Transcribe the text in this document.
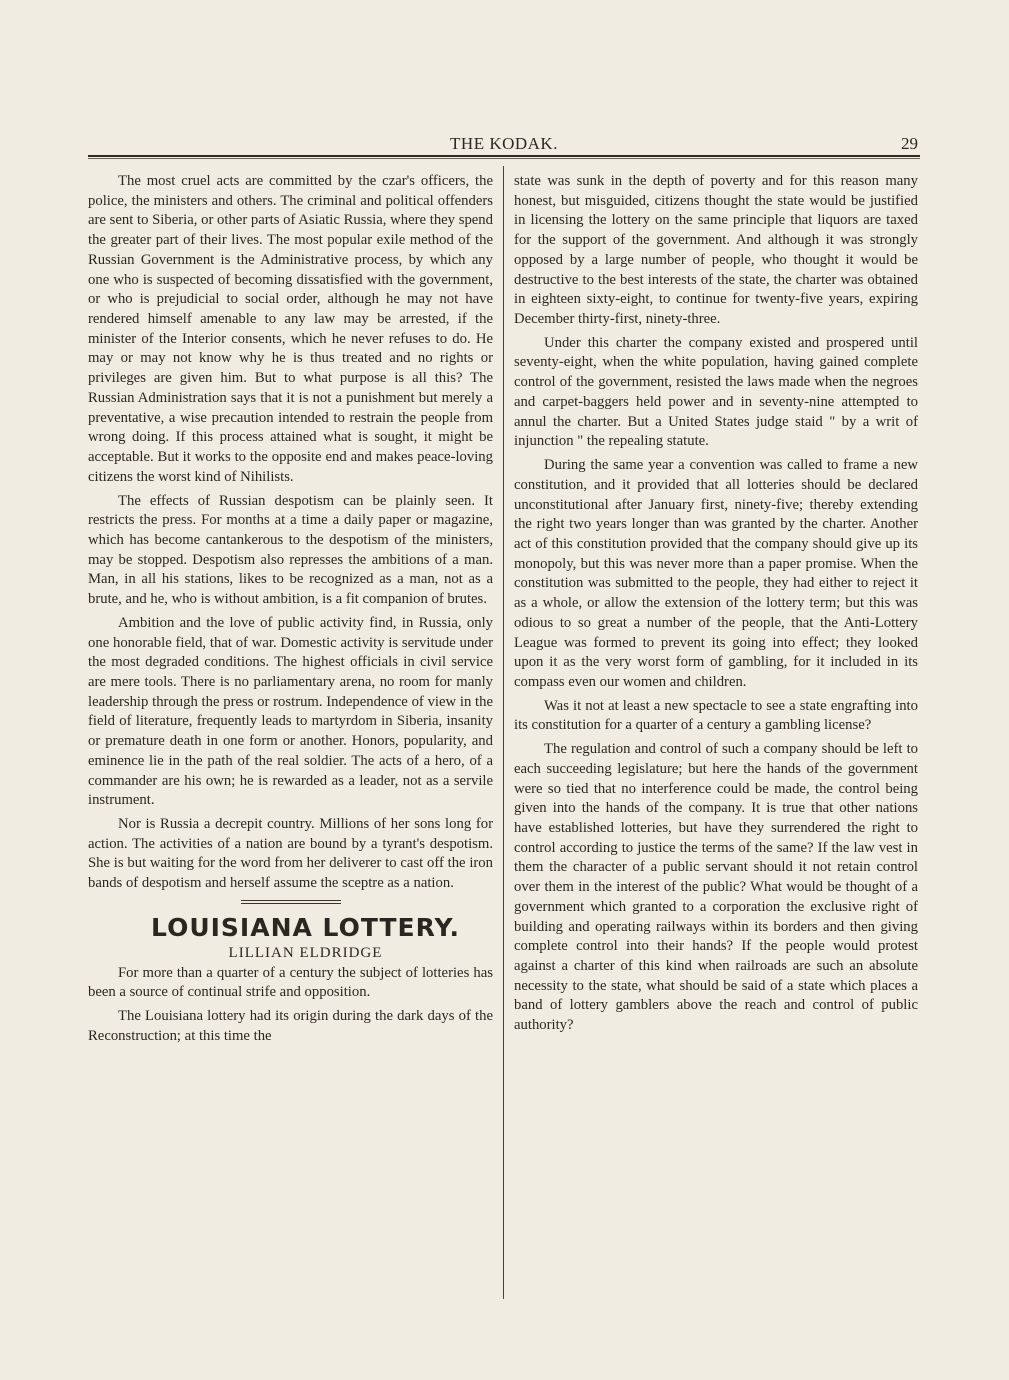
THE KODAK.	29

The most cruel acts are committed by the czar's officers, the police, the ministers and others. The criminal and political offenders are sent to Siberia, or other parts of Asiatic Russia, where they spend the greater part of their lives. The most popular exile method of the Russian Government is the Administrative process, by which any one who is suspected of becoming dissatisfied with the government, or who is prejudicial to social order, although he may not have rendered himself amenable to any law may be arrested, if the minister of the Interior consents, which he never refuses to do. He may or may not know why he is thus treated and no rights or privileges are given him. But to what purpose is all this? The Russian Administration says that it is not a punishment but merely a preventative, a wise precaution intended to restrain the people from wrong doing. If this process attained what is sought, it might be acceptable. But it works to the opposite end and makes peace-loving citizens the worst kind of Nihilists.

The effects of Russian despotism can be plainly seen. It restricts the press. For months at a time a daily paper or magazine, which has become cantankerous to the despotism of the ministers, may be stopped. Despotism also represses the ambitions of a man. Man, in all his stations, likes to be recognized as a man, not as a brute, and he, who is without ambition, is a fit companion of brutes.

Ambition and the love of public activity find, in Russia, only one honorable field, that of war. Domestic activity is servitude under the most degraded conditions. The highest officials in civil service are mere tools. There is no parliamentary arena, no room for manly leadership through the press or rostrum. Independence of view in the field of literature, frequently leads to martyrdom in Siberia, insanity or premature death in one form or another. Honors, popularity, and eminence lie in the path of the real soldier. The acts of a hero, of a commander are his own; he is rewarded as a leader, not as a servile instrument.

Nor is Russia a decrepit country. Millions of her sons long for action. The activities of a nation are bound by a tyrant's despotism. She is but waiting for the word from her deliverer to cast off the iron bands of despotism and herself assume the sceptre as a nation.

LOUISIANA LOTTERY.

LILLIAN ELDRIDGE

For more than a quarter of a century the subject of lotteries has been a source of continual strife and opposition.

The Louisiana lottery had its origin during the dark days of the Reconstruction; at this time the

state was sunk in the depth of poverty and for this reason many honest, but misguided, citizens thought the state would be justified in licensing the lottery on the same principle that liquors are taxed for the support of the government. And although it was strongly opposed by a large number of people, who thought it would be destructive to the best interests of the state, the charter was obtained in eighteen sixty-eight, to continue for twenty-five years, expiring December thirty-first, ninety-three.

Under this charter the company existed and prospered until seventy-eight, when the white population, having gained complete control of the government, resisted the laws made when the negroes and carpet-baggers held power and in seventy-nine attempted to annul the charter. But a United States judge staid " by a writ of injunction " the repealing statute.

During the same year a convention was called to frame a new constitution, and it provided that all lotteries should be declared unconstitutional after January first, ninety-five; thereby extending the right two years longer than was granted by the charter. Another act of this constitution provided that the company should give up its monopoly, but this was never more than a paper promise. When the constitution was submitted to the people, they had either to reject it as a whole, or allow the extension of the lottery term; but this was odious to so great a number of the people, that the Anti-Lottery League was formed to prevent its going into effect; they looked upon it as the very worst form of gambling, for it included in its compass even our women and children.

Was it not at least a new spectacle to see a state engrafting into its constitution for a quarter of a century a gambling license?

The regulation and control of such a company should be left to each succeeding legislature; but here the hands of the government were so tied that no interference could be made, the control being given into the hands of the company. It is true that other nations have established lotteries, but have they surrendered the right to control according to justice the terms of the same? If the law vest in them the character of a public servant should it not retain control over them in the interest of the public? What would be thought of a government which granted to a corporation the exclusive right of building and operating railways within its borders and then giving complete control into their hands? If the people would protest against a charter of this kind when railroads are such an absolute necessity to the state, what should be said of a state which places a band of lottery gamblers above the reach and control of public authority?
